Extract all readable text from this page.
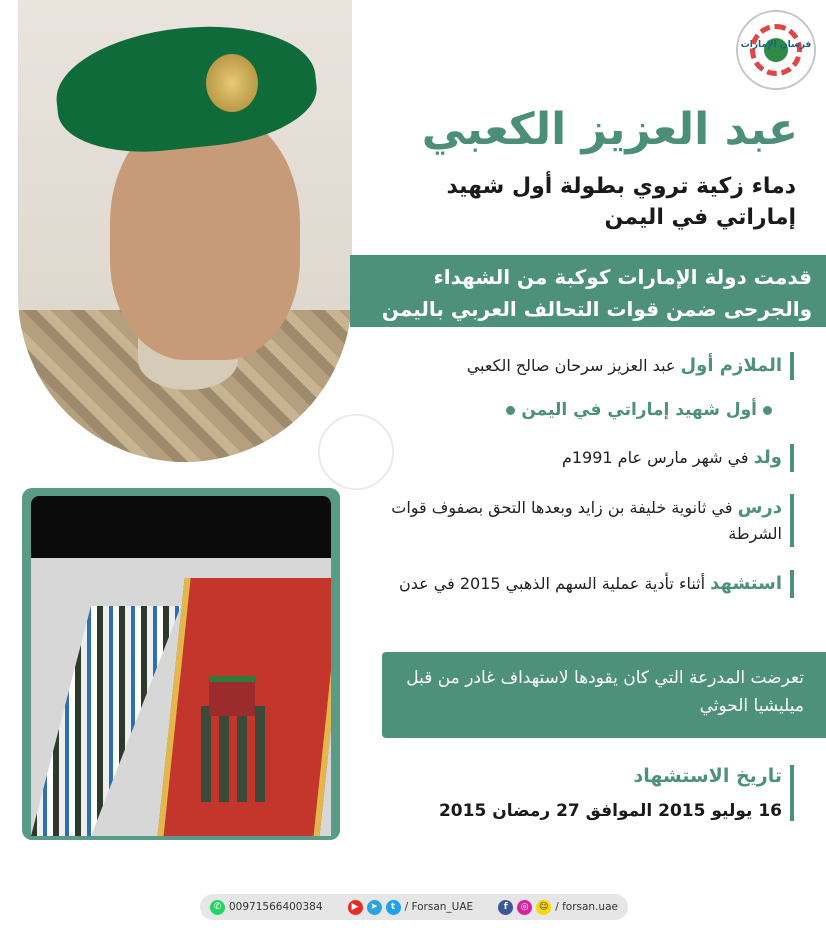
فرسان الإمارات
عبد العزيز الكعبي
دماء زكية تروي بطولة أول شهيد إماراتي في اليمن
قدمت دولة الإمارات كوكبة من الشهداء والجرحى ضمن قوات التحالف العربي باليمن
الملازم أول عبد العزيز سرحان صالح الكعبي
أول شهيد إماراتي في اليمن
ولد في شهر مارس عام 1991م
درس في ثانوية خليفة بن زايد وبعدها التحق بصفوف قوات الشرطة
استشهد أثناء تأدية عملية السهم الذهبي 2015 في عدن
تعرضت المدرعة التي كان يقودها لاستهداف غادر من قبل ميليشيا الحوثي
تاريخ الاستشهاد
16 يوليو 2015 الموافق 27 رمضان 2015
✆ 00971566400384	▶	➤	t / Forsan_UAE	f	◎	☺ / forsan.uae
